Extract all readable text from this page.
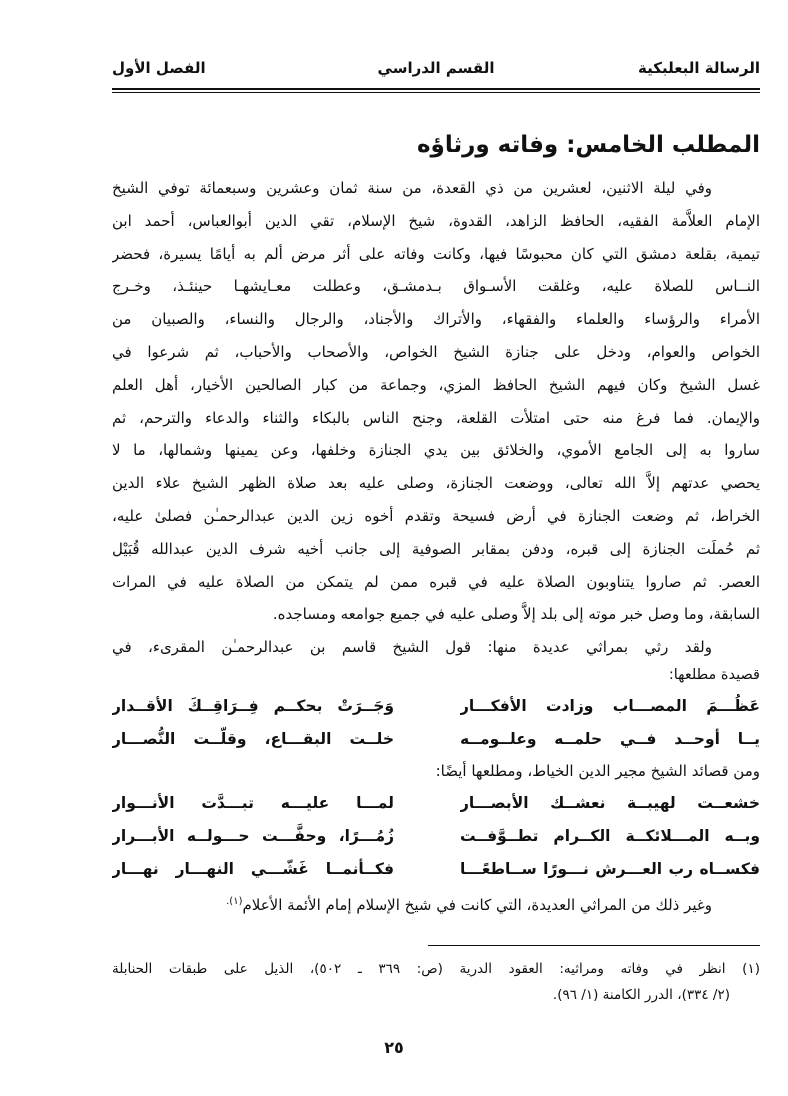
الرسالة البعلبكية
القسم الدراسي
الفصل الأول
المطلب الخامس: وفاته ورثاؤه
وفي ليلة الاثنين، لعشرين من ذي القعدة، من سنة ثمان وعشرين وسبعمائة توفي الشيخ
الإمام العلاَّمة الفقيه، الحافظ الزاهد، القدوة، شيخ الإسلام، تقي الدين أبوالعباس، أحمد ابن
تيمية، بقلعة دمشق التي كان محبوسًا فيها، وكانت وفاته على أثر مرض ألم به أيامًا يسيرة، فحضر
النــاس للصلاة عليه، وغلقت الأسـواق بـدمشـق، وعطلت معـايشهـا حينئـذ، وخـرج
الأمراء والرؤساء والعلماء والفقهاء، والأتراك والأجناد، والرجال والنساء، والصبيان من
الخواص والعوام، ودخل على جنازة الشيخ الخواص، والأصحاب والأحباب، ثم شرعوا في
غسل الشيخ وكان فيهم الشيخ الحافظ المزي، وجماعة من كبار الصالحين الأخيار، أهل العلم
والإيمان. فما فرغ منه حتى امتلأت القلعة، وجنح الناس بالبكاء والثناء والدعاء والترحم، ثم
ساروا به إلى الجامع الأموي، والخلائق بين يدي الجنازة وخلفها، وعن يمينها وشمالها، ما لا
يحصي عدتهم إلاَّ الله تعالى، ووضعت الجنازة، وصلى عليه بعد صلاة الظهر الشيخ علاء الدين
الخراط، ثم وضعت الجنازة في أرض فسيحة وتقدم أخوه زين الدين عبدالرحمـٰن فصلىٰ عليه،
ثم حُملَت الجنازة إلى قبره، ودفن بمقابر الصوفية إلى جانب أخيه شرف الدين عبدالله قُبَيْل
العصر. ثم صاروا يتناوبون الصلاة عليه في قبره ممن لم يتمكن من الصلاة عليه في المرات
السابقة، وما وصل خبر موته إلى بلد إلاَّ وصلى عليه في جميع جوامعه ومساجده.
ولقد رثي بمراثي عديدة منها: قول الشيخ قاسم بن عبدالرحمـٰن المقرىء، في
قصيدة مطلعها:
عَظُـــمَ المصـــاب وزادت الأفكـــار
وَجَــرَتْ بحكــم فِــرَاقِــكَ الأقــدار
يــا أوحــد فــي حلمــه وعلــومــه
خلــت البقـــاع، وقلّــت النُّصـــار
ومن قصائد الشيخ مجير الدين الخياط، ومطلعها أيضًا:
خشعــت لهيبــة نعشــك الأبصـــار
لمـــا عليـــه تبـــدَّت الأنـــوار
وبــه المـــلائكــة الكــرام تطــوَّفــت
زُمُـــرًا، وحفَّـــت حـــولــه الأبـــرار
فكســاه رب العـــرش نـــورًا ســاطعًـــا
فكــأنمــا غَشّـــي النهـــار نهـــار
وغير ذلك من المراثي العديدة، التي كانت في شيخ الإسلام إمام الأئمة الأعلام$^{(١).}$
(١) انظر في وفاته ومراثيه: العقود الدرية (ص: ٣٦٩ ـ ٥٠٢)، الذيل على طبقات الحنابلة
(٢/ ٣٣٤)، الدرر الكامنة (١/ ٩٦).
٢٥
